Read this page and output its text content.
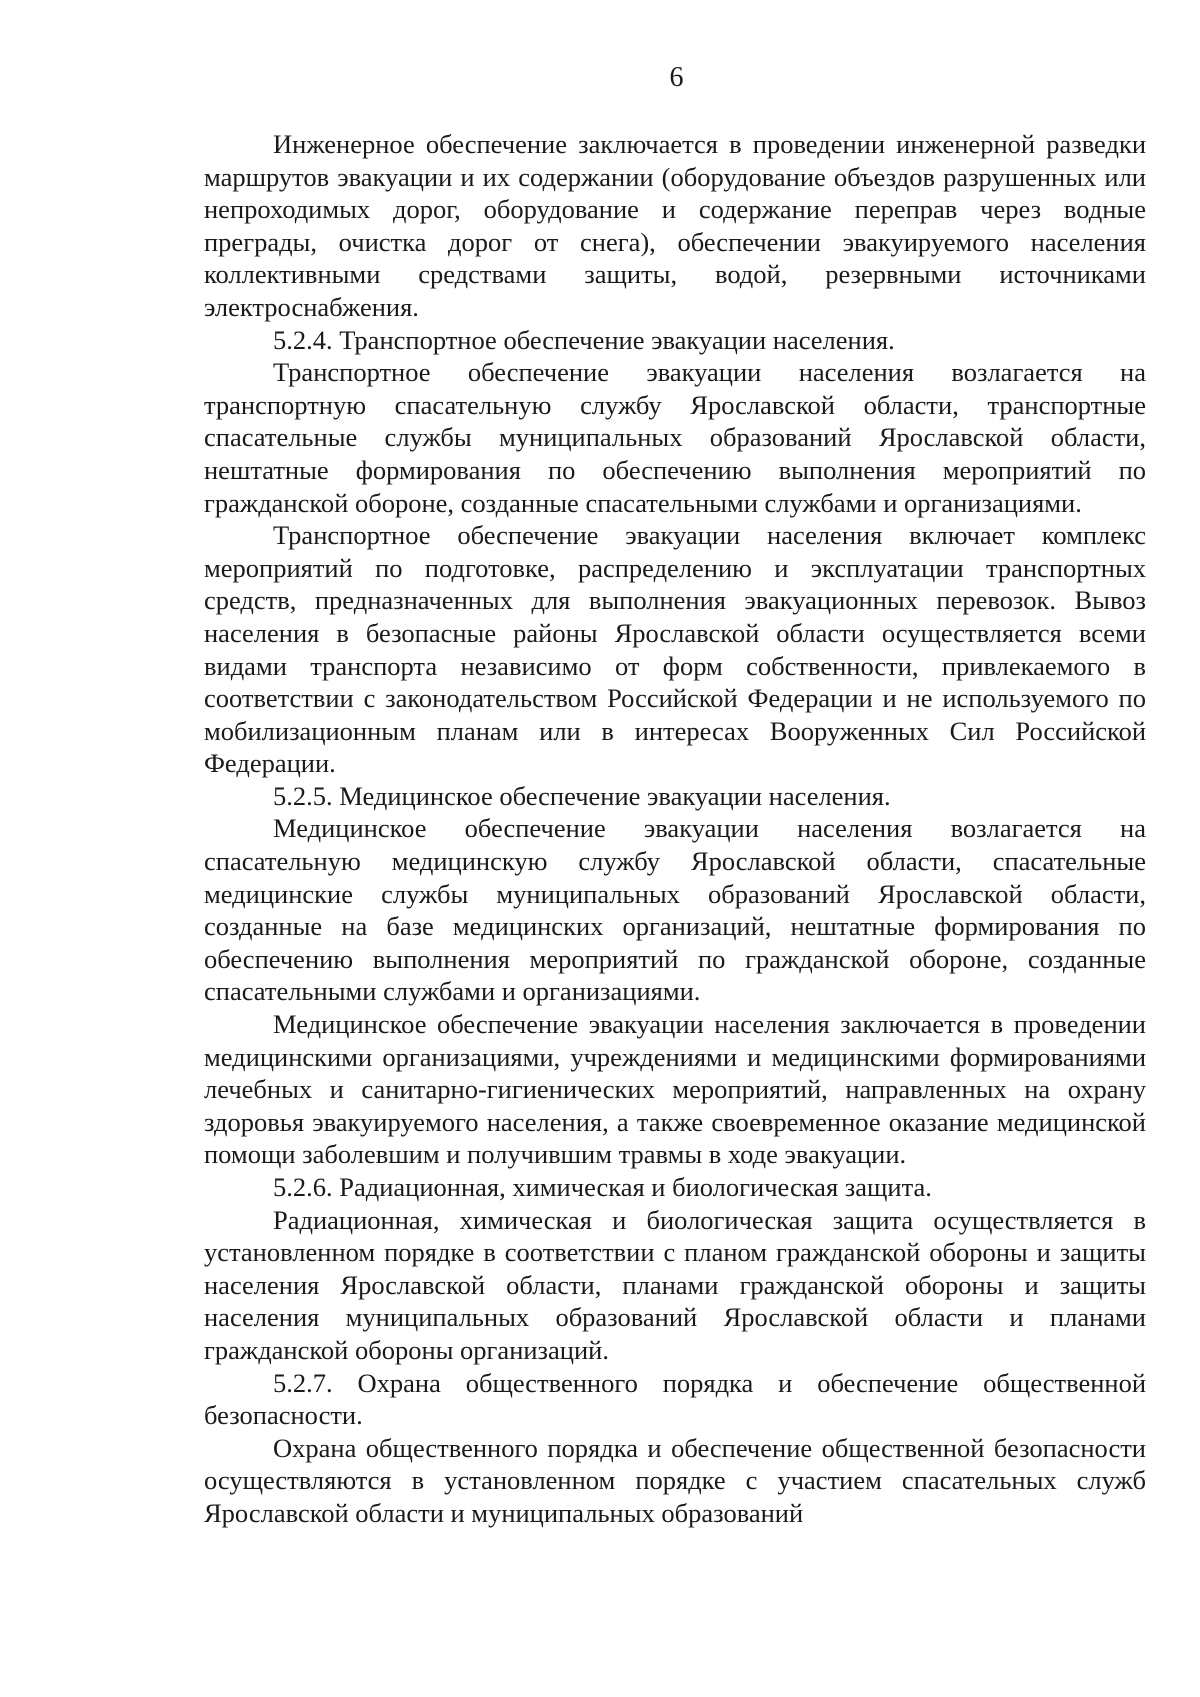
6

Инженерное обеспечение заключается в проведении инженерной разведки маршрутов эвакуации и их содержании (оборудование объездов разрушенных или непроходимых дорог, оборудование и содержание переправ через водные преграды, очистка дорог от снега), обеспечении эвакуируемого населения коллективными средствами защиты, водой, резервными источниками электроснабжения.

5.2.4. Транспортное обеспечение эвакуации населения.

Транспортное обеспечение эвакуации населения возлагается на транспортную спасательную службу Ярославской области, транспортные спасательные службы муниципальных образований Ярославской области, нештатные формирования по обеспечению выполнения мероприятий по гражданской обороне, созданные спасательными службами и организациями.

Транспортное обеспечение эвакуации населения включает комплекс мероприятий по подготовке, распределению и эксплуатации транспортных средств, предназначенных для выполнения эвакуационных перевозок. Вывоз населения в безопасные районы Ярославской области осуществляется всеми видами транспорта независимо от форм собственности, привлекаемого в соответствии с законодательством Российской Федерации и не используемого по мобилизационным планам или в интересах Вооруженных Сил Российской Федерации.

5.2.5. Медицинское обеспечение эвакуации населения.

Медицинское обеспечение эвакуации населения возлагается на спасательную медицинскую службу Ярославской области, спасательные медицинские службы муниципальных образований Ярославской области, созданные на базе медицинских организаций, нештатные формирования по обеспечению выполнения мероприятий по гражданской обороне, созданные спасательными службами и организациями.

Медицинское обеспечение эвакуации населения заключается в проведении медицинскими организациями, учреждениями и медицинскими формированиями лечебных и санитарно-гигиенических мероприятий, направленных на охрану здоровья эвакуируемого населения, а также своевременное оказание медицинской помощи заболевшим и получившим травмы в ходе эвакуации.

5.2.6. Радиационная, химическая и биологическая защита.

Радиационная, химическая и биологическая защита осуществляется в установленном порядке в соответствии с планом гражданской обороны и защиты населения Ярославской области, планами гражданской обороны и защиты населения муниципальных образований Ярославской области и планами гражданской обороны организаций.

5.2.7. Охрана общественного порядка и обеспечение общественной безопасности.

Охрана общественного порядка и обеспечение общественной безопасности осуществляются в установленном порядке с участием спасательных служб Ярославской области и муниципальных образований
